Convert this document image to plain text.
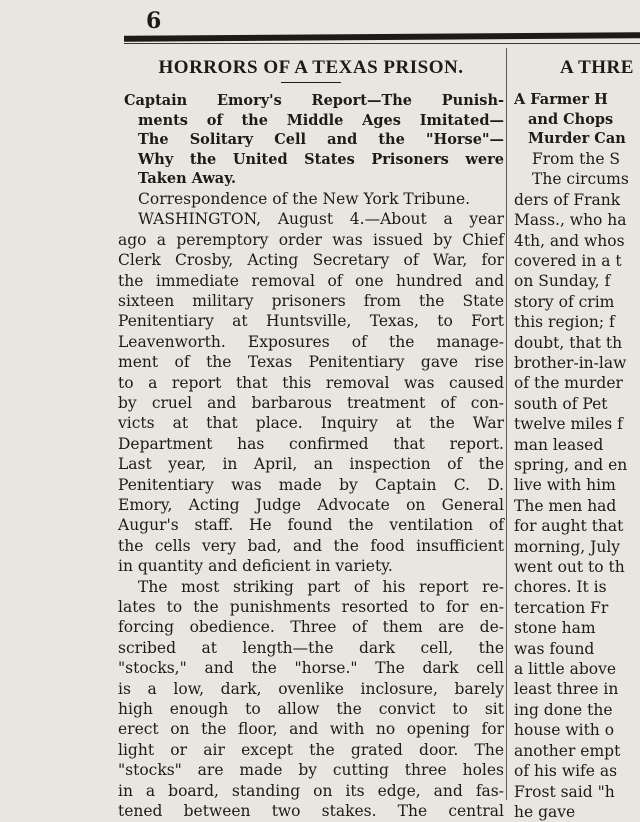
6
HORRORS OF A TEXAS PRISON.
Captain Emory's Report—The Punish-
ments of the Middle Ages Imitated—
The Solitary Cell and the "Horse"—
Why the United States Prisoners were
Taken Away.
Correspondence of the New York Tribune.
WASHINGTON, August 4.—About a year
ago a peremptory order was issued by Chief
Clerk Crosby, Acting Secretary of War, for
the immediate removal of one hundred and
sixteen military prisoners from the State
Penitentiary at Huntsville, Texas, to Fort
Leavenworth. Exposures of the manage-
ment of the Texas Penitentiary gave rise
to a report that this removal was caused
by cruel and barbarous treatment of con-
victs at that place. Inquiry at the War
Department has confirmed that report.
Last year, in April, an inspection of the
Penitentiary was made by Captain C. D.
Emory, Acting Judge Advocate on General
Augur's staff. He found the ventilation of
the cells very bad, and the food insufficient
in quantity and deficient in variety.
The most striking part of his report re-
lates to the punishments resorted to for en-
forcing obedience. Three of them are de-
scribed at length—the dark cell, the
"stocks," and the "horse." The dark cell
is a low, dark, ovenlike inclosure, barely
high enough to allow the convict to sit
erect on the floor, and with no opening for
light or air except the grated door. The
"stocks" are made by cutting three holes
in a board, standing on its edge, and fas-
tened between two stakes. The central
A THRE
A Farmer H
and Chops
Murder Can
From the S
The circums
ders of Frank
Mass., who ha
4th, and whos
covered in a t
on Sunday, f
story of crim
this region; f
doubt, that th
brother-in-law
of the murder
south of Pet
twelve miles f
man leased
spring, and en
live with him
The men had
for aught that
morning, July
went out to th
chores. It is
tercation Fr
stone ham
was found
a little above
least three in
ing done the
house with o
another empt
of his wife as
Frost said "h
he gave
